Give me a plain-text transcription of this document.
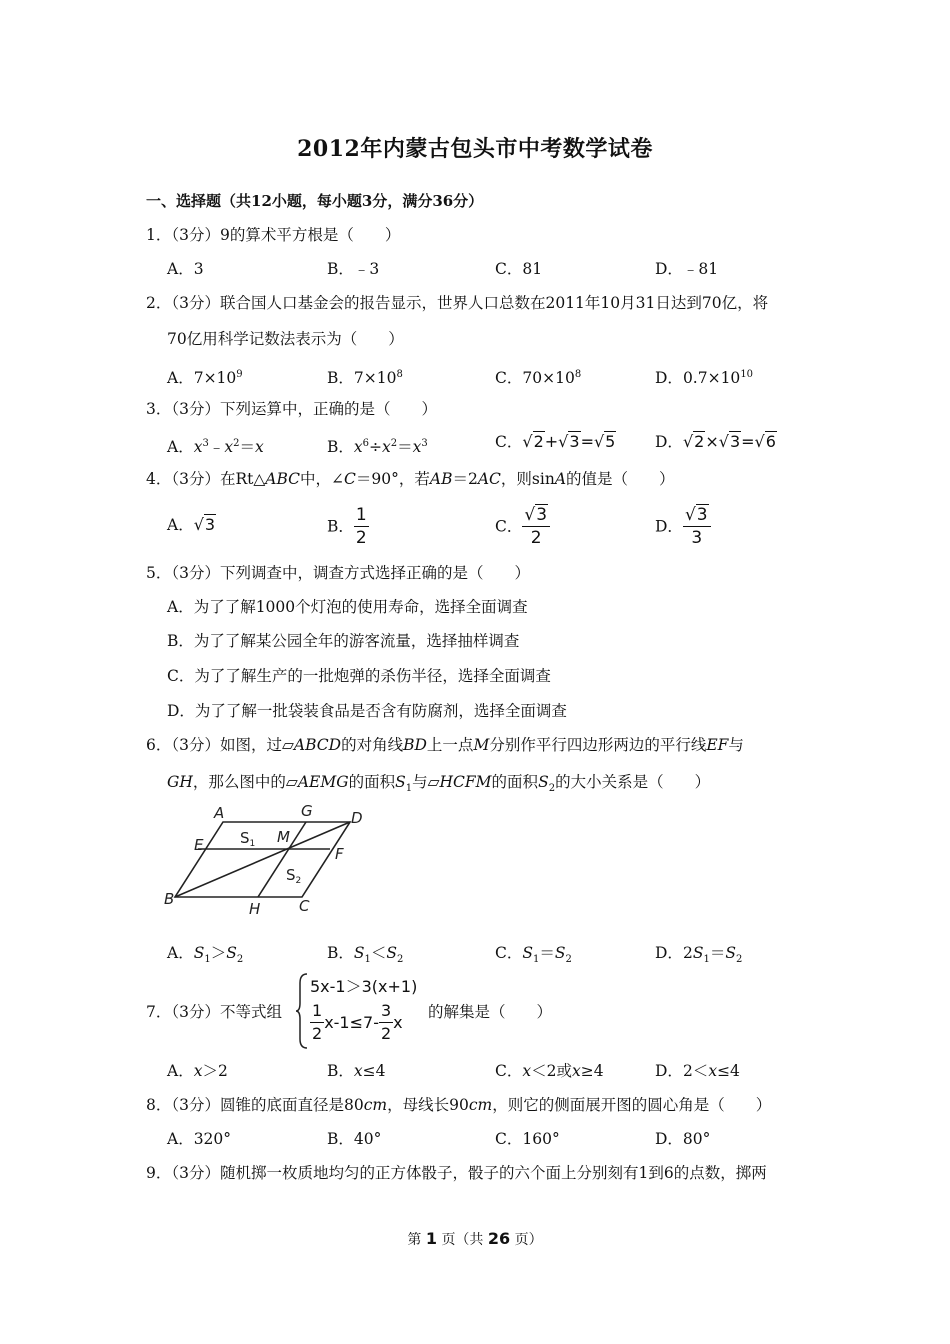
2012年内蒙古包头市中考数学试卷
一、选择题（共12小题，每小题3分，满分36分）
1．（3分）9的算术平方根是（　　）
A．3	B．﹣3	C．81	D．﹣81
2．（3分）联合国人口基金会的报告显示，世界人口总数在2011年10月31日达到70亿，将
70亿用科学记数法表示为（　　）
A．$7\times 10^9$	B．$7\times 10^8$	C．$70\times 10^8$	D．$0.7\times 10^{10}$
3．（3分）下列运算中，正确的是（　　）
A．$x^3﹣x^2=x$	B．$x^6\div x^2=x^3$	C．√2+√3=√5	D．√2×√3=√6
4．（3分）在Rt△ABC中，∠C＝90°，若AB＝2AC，则sinA的值是（　　）
A．√3	B． $\frac{1}{2}$	C． $\frac{√3}{2}$	D． $\frac{√3}{3}$
5．（3分）下列调查中，调查方式选择正确的是（　　）
A．为了了解1000个灯泡的使用寿命，选择全面调查
B．为了了解某公园全年的游客流量，选择抽样调查
C．为了了解生产的一批炮弹的杀伤半径，选择全面调查
D．为了了解一批袋装食品是否含有防腐剂，选择全面调查
6．（3分）如图，过▱ABCD的对角线BD上一点M分别作平行四边形两边的平行线EF与
GH，那么图中的▱AEMG的面积$S_1$与▱HCFM的面积$S_2$的大小关系是（　　）
A	G	D
E	M
F
B
H	C
$S_1$
$S_2$
A．$S_1>S_2$	B．$S_1<S_2$	C．$S_1=S_2$	D．$2S_1=S_2$
7．（3分）不等式组
5x-1＞3(x+1)
$\frac{1}{2} x-1\le 7- \frac{3}{2}$ x
的解集是（　　）
A．x＞2	B．x≤4	C．x＜2或x≥4	D．2＜x≤4
8．（3分）圆锥的底面直径是80cm，母线长90cm，则它的侧面展开图的圆心角是（　　）
A．320°	B．40°	C．160°	D．80°
9．（3分）随机掷一枚质地均匀的正方体骰子，骰子的六个面上分别刻有1到6的点数，掷两
第 1 页（共 26 页）
